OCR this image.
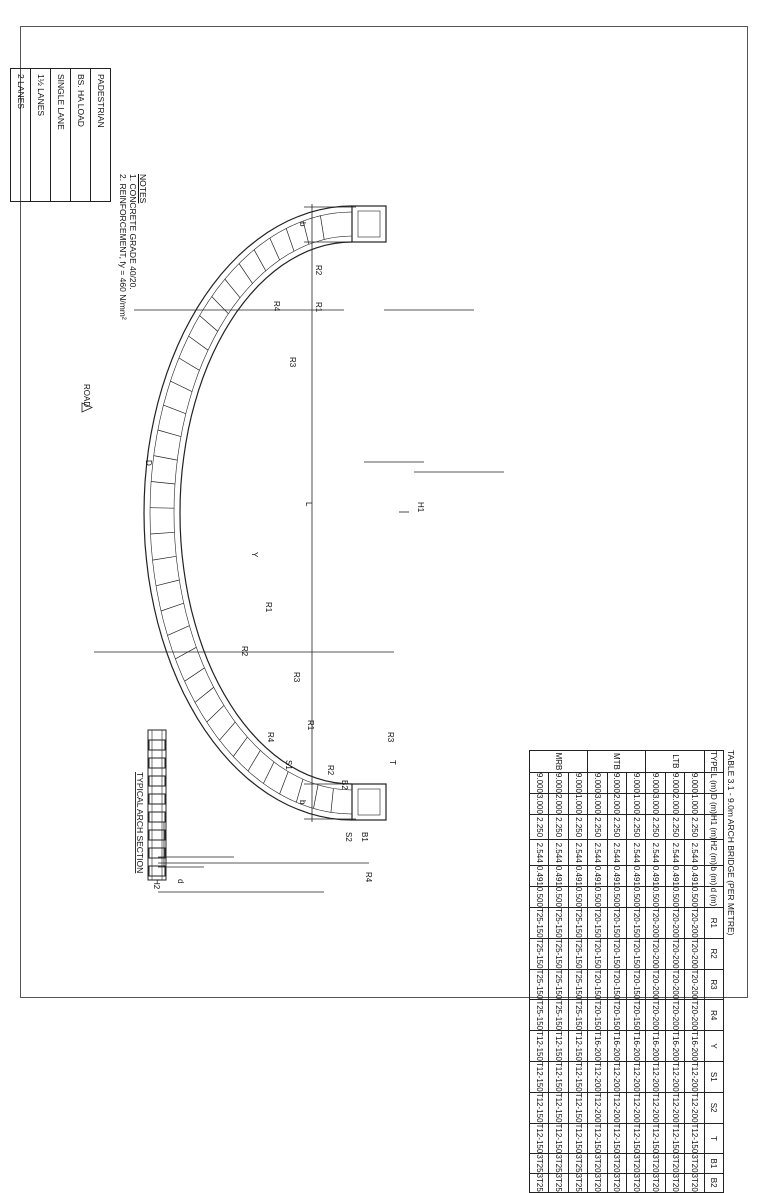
TYPICAL ARCH SECTION
ROAD
L	H1
H2
D
d
b
b
R1
R1
R1
R2
R2
R2
R3
R3
R3
R4
R4
R4
Y
S1	T
B1
B2
S2
PADESTRIAN
BS. HA LOAD
SINGLE LANE
1½ LANES
2 LANES
NOTES
1. CONCRETE GRADE 40/20.
2. REINFORCEMENT, fy = 460 N/mm²
TABLE 3.1 - 9.0m ARCH BRIDGE (PER METRE)
TYPE	L (m)	D (m)	H1 (m)	H2 (m)	b (m)	d (m)	R1	R2	R3	R4	Y	S1	S2	T	B1	B2
LTB	9.000	1.000	2.250	2.544	0.491	0.500	T20-200	T20-200	T20-200	T20-200	T16-200	T12-200	T12-200	T12-150	3T20	3T20
	9.000	2.000	2.250	2.544	0.491	0.500	T20-200	T20-200	T20-200	T20-200	T16-200	T12-200	T12-200	T12-150	3T20	3T20
	9.000	3.000	2.250	2.544	0.491	0.500	T20-200	T20-200	T20-200	T20-200	T16-200	T12-200	T12-200	T12-150	3T20	3T20
MTB	9.000	1.000	2.250	2.544	0.491	0.500	T20-150	T20-150	T20-150	T20-150	T16-200	T12-200	T12-200	T12-150	3T20	3T20
	9.000	2.000	2.250	2.544	0.491	0.500	T20-150	T20-150	T20-150	T20-150	T16-200	T12-200	T12-200	T12-150	3T20	3T20
	9.000	3.000	2.250	2.544	0.491	0.500	T20-150	T20-150	T20-150	T20-150	T16-200	T12-200	T12-200	T12-150	3T20	3T20
MRB	9.000	1.000	2.250	2.544	0.491	0.500	T25-150	T25-150	T25-150	T25-150	T12-150	T12-150	T12-150	T12-150	3T25	3T25
	9.000	2.000	2.250	2.544	0.491	0.500	T25-150	T25-150	T25-150	T25-150	T12-150	T12-150	T12-150	T12-150	3T25	3T25
	9.000	3.000	2.250	2.544	0.491	0.500	T25-150	T25-150	T25-150	T25-150	T12-150	T12-150	T12-150	T12-150	3T25	3T25
